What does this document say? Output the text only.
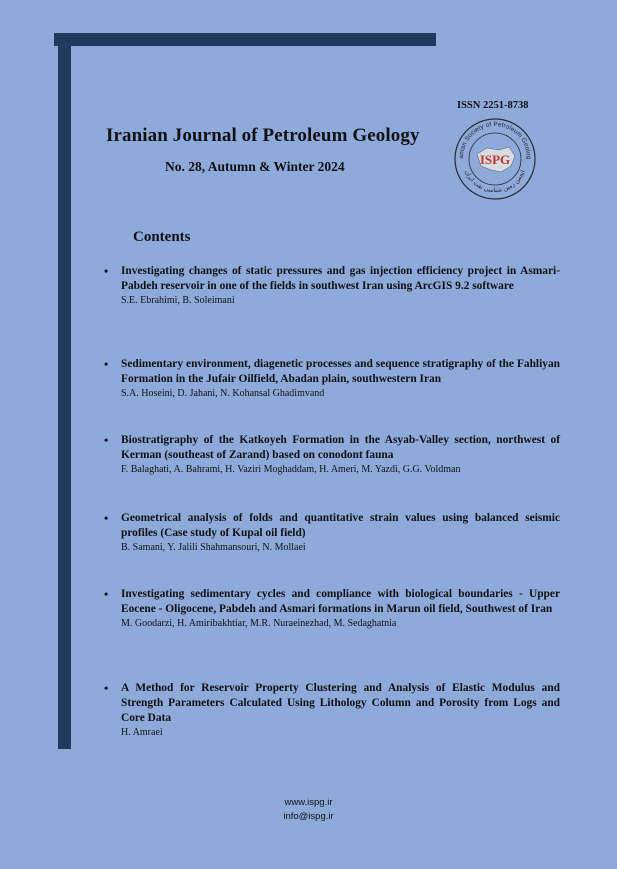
ISSN 2251-8738
Iranian Journal of Petroleum Geology
No. 28, Autumn & Winter 2024
anian Society of Petroleum Geolog
انجمن زمین شناسی نفت ایران
ISPG
Contents
• Investigating changes of static pressures and gas injection efficiency project in Asmari-Pabdeh reservoir in one of the fields in southwest Iran using ArcGIS 9.2 software
S.E. Ebrahimi, B. Soleimani
• Sedimentary environment, diagenetic processes and sequence stratigraphy of the Fahliyan Formation in the Jufair Oilfield, Abadan plain, southwestern Iran
S.A. Hoseini, D. Jahani, N. Kohansal Ghadimvand
• Biostratigraphy of the Katkoyeh Formation in the Asyab-Valley section, northwest of Kerman (southeast of Zarand) based on conodont fauna
F. Balaghati, A. Bahrami, H. Vaziri Moghaddam, H. Ameri, M. Yazdi, G.G. Voldman
• Geometrical analysis of folds and quantitative strain values using balanced seismic profiles (Case study of Kupal oil field)
B. Samani, Y. Jalili Shahmansouri, N. Mollaei
• Investigating sedimentary cycles and compliance with biological boundaries - Upper Eocene - Oligocene, Pabdeh and Asmari formations in Marun oil field, Southwest of Iran
M. Goodarzi, H. Amiribakhtiar, M.R. Nuraeinezhad, M. Sedaghatnia
• A Method for Reservoir Property Clustering and Analysis of Elastic Modulus and Strength Parameters Calculated Using Lithology Column and Porosity from Logs and Core Data
H. Amraei
www.ispg.ir
info@ispg.ir
